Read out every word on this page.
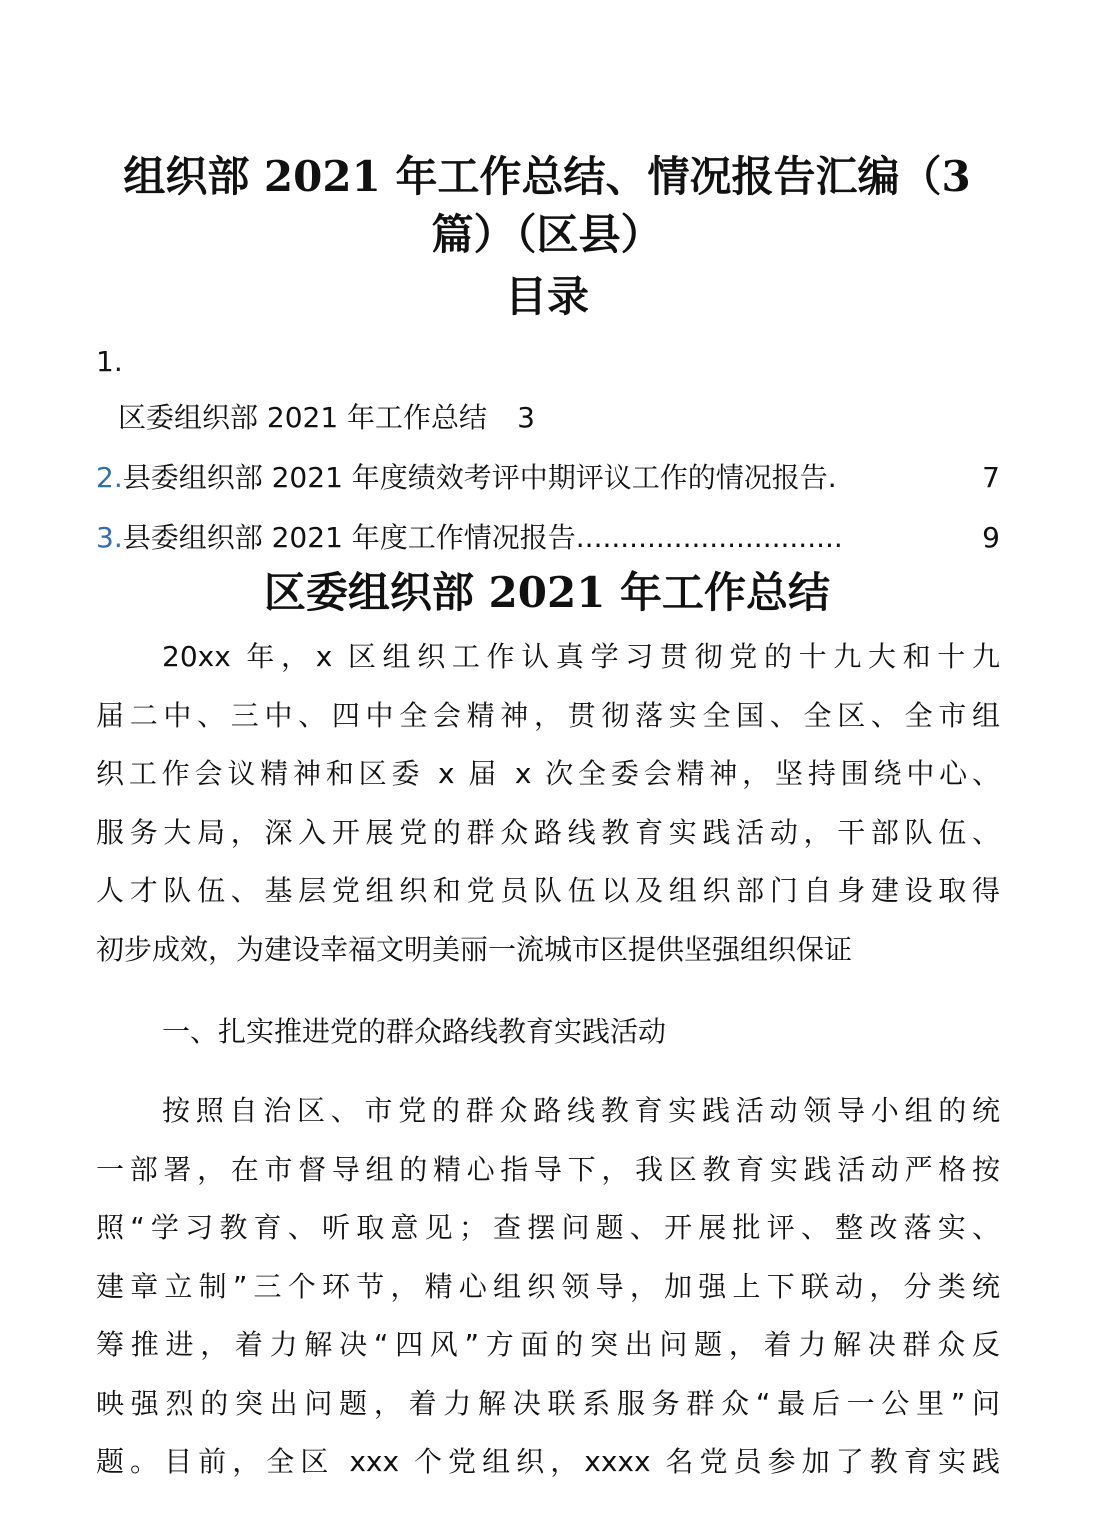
组织部 2021 年工作总结、情况报告汇编（3
篇）（区县）
目录
1.
区委组织部 2021 年工作总结 3
2. 县委组织部 2021 年度绩效考评中期评议工作的情况报告 .	7
3. 县委组织部 2021 年度工作情况报告 ..............................	9
区委组织部 2021 年工作总结
20xx 年，x 区组织工作认真学习贯彻党的十九大和十九
届二中、三中、四中全会精神，贯彻落实全国、全区、全市组
织工作会议精神和区委 x 届 x 次全委会精神，坚持围绕中心、
服务大局，深入开展党的群众路线教育实践活动，干部队伍、
人才队伍、基层党组织和党员队伍以及组织部门自身建设取得
初步成效，为建设幸福文明美丽一流城市区提供坚强组织保证
一、扎实推进党的群众路线教育实践活动
按照自治区、市党的群众路线教育实践活动领导小组的统
一部署，在市督导组的精心指导下，我区教育实践活动严格按
照“学习教育、听取意见；查摆问题、开展批评、整改落实、
建章立制”三个环节，精心组织领导，加强上下联动，分类统
筹推进，着力解决“四风”方面的突出问题，着力解决群众反
映强烈的突出问题，着力解决联系服务群众“最后一公里”问
题。目前，全区 xxx 个党组织，xxxx 名党员参加了教育实践
